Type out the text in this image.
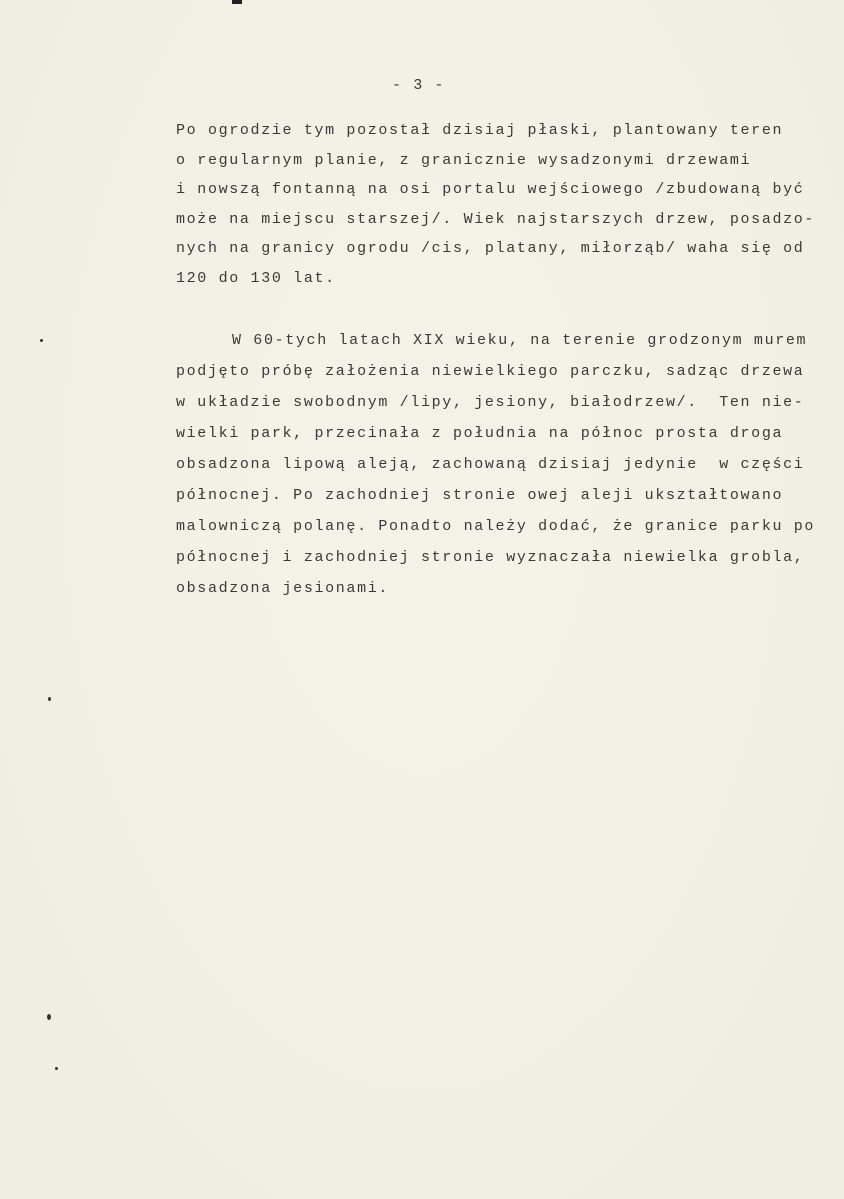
- 3 -
Po ogrodzie tym pozostał dzisiaj płaski, plantowany teren
o regularnym planie, z granicznie wysadzonymi drzewami
i nowszą fontanną na osi portalu wejściowego /zbudowaną być
może na miejscu starszej/. Wiek najstarszych drzew, posadzo-
nych na granicy ogrodu /cis, platany, miłorząb/ waha się od
120 do 130 lat.
W 60-tych latach XIX wieku, na terenie grodzonym murem
podjęto próbę założenia niewielkiego parczku, sadząc drzewa
w układzie swobodnym /lipy, jesiony, białodrzew/.  Ten nie-
wielki park, przecinała z południa na północ prosta droga
obsadzona lipową aleją, zachowaną dzisiaj jedynie  w części
północnej. Po zachodniej stronie owej aleji ukształtowano
malowniczą polanę. Ponadto należy dodać, że granice parku po
północnej i zachodniej stronie wyznaczała niewielka grobla,
obsadzona jesionami.
